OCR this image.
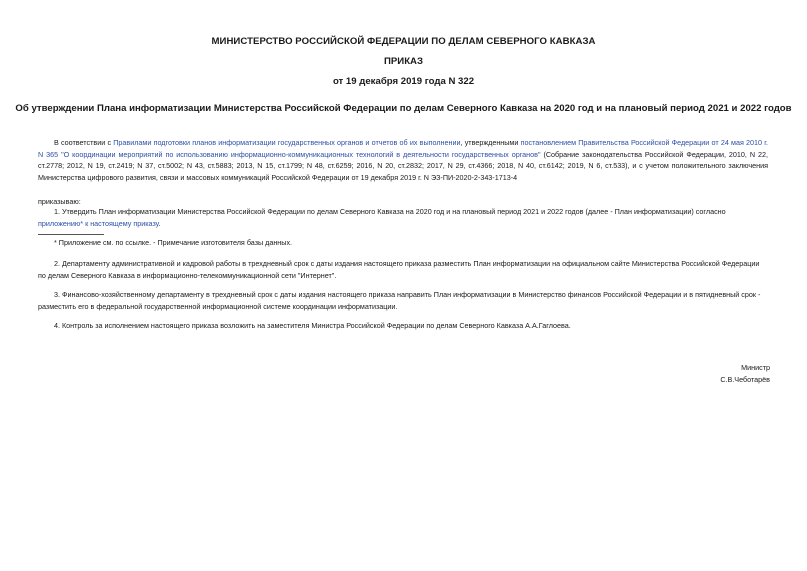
МИНИСТЕРСТВО РОССИЙСКОЙ ФЕДЕРАЦИИ ПО ДЕЛАМ СЕВЕРНОГО КАВКАЗА
ПРИКАЗ
от 19 декабря 2019 года N 322
Об утверждении Плана информатизации Министерства Российской Федерации по делам Северного Кавказа на 2020 год и на плановый период 2021 и 2022 годов
В соответствии с Правилами подготовки планов информатизации государственных органов и отчетов об их выполнении, утвержденными постановлением Правительства Российской Федерации от 24 мая 2010 г. N 365 "О координации мероприятий по использованию информационно-коммуникационных технологий в деятельности государственных органов" (Собрание законодательства Российской Федерации, 2010, N 22, ст.2778; 2012, N 19, ст.2419; N 37, ст.5002; N 43, ст.5883; 2013, N 15, ст.1799; N 48, ст.6259; 2016, N 20, ст.2832; 2017, N 29, ст.4366; 2018, N 40, ст.6142; 2019, N 6, ст.533), и с учетом положительного заключения Министерства цифрового развития, связи и массовых коммуникаций Российской Федерации от 19 декабря 2019 г. N ЭЗ-ПИ-2020-2-343-1713-4
приказываю:
1. Утвердить План информатизации Министерства Российской Федерации по делам Северного Кавказа на 2020 год и на плановый период 2021 и 2022 годов (далее - План информатизации) согласно приложению* к настоящему приказу.
* Приложение см. по ссылке. - Примечание изготовителя базы данных.
2. Департаменту административной и кадровой работы в трехдневный срок с даты издания настоящего приказа разместить План информатизации на официальном сайте Министерства Российской Федерации по делам Северного Кавказа в информационно-телекоммуникационной сети "Интернет".
3. Финансово-хозяйственному департаменту в трехдневный срок с даты издания настоящего приказа направить План информатизации в Министерство финансов Российской Федерации и в пятидневный срок - разместить его в федеральной государственной информационной системе координации информатизации.
4. Контроль за исполнением настоящего приказа возложить на заместителя Министра Российской Федерации по делам Северного Кавказа А.А.Гаглоева.
Министр
С.В.Чеботарёв
